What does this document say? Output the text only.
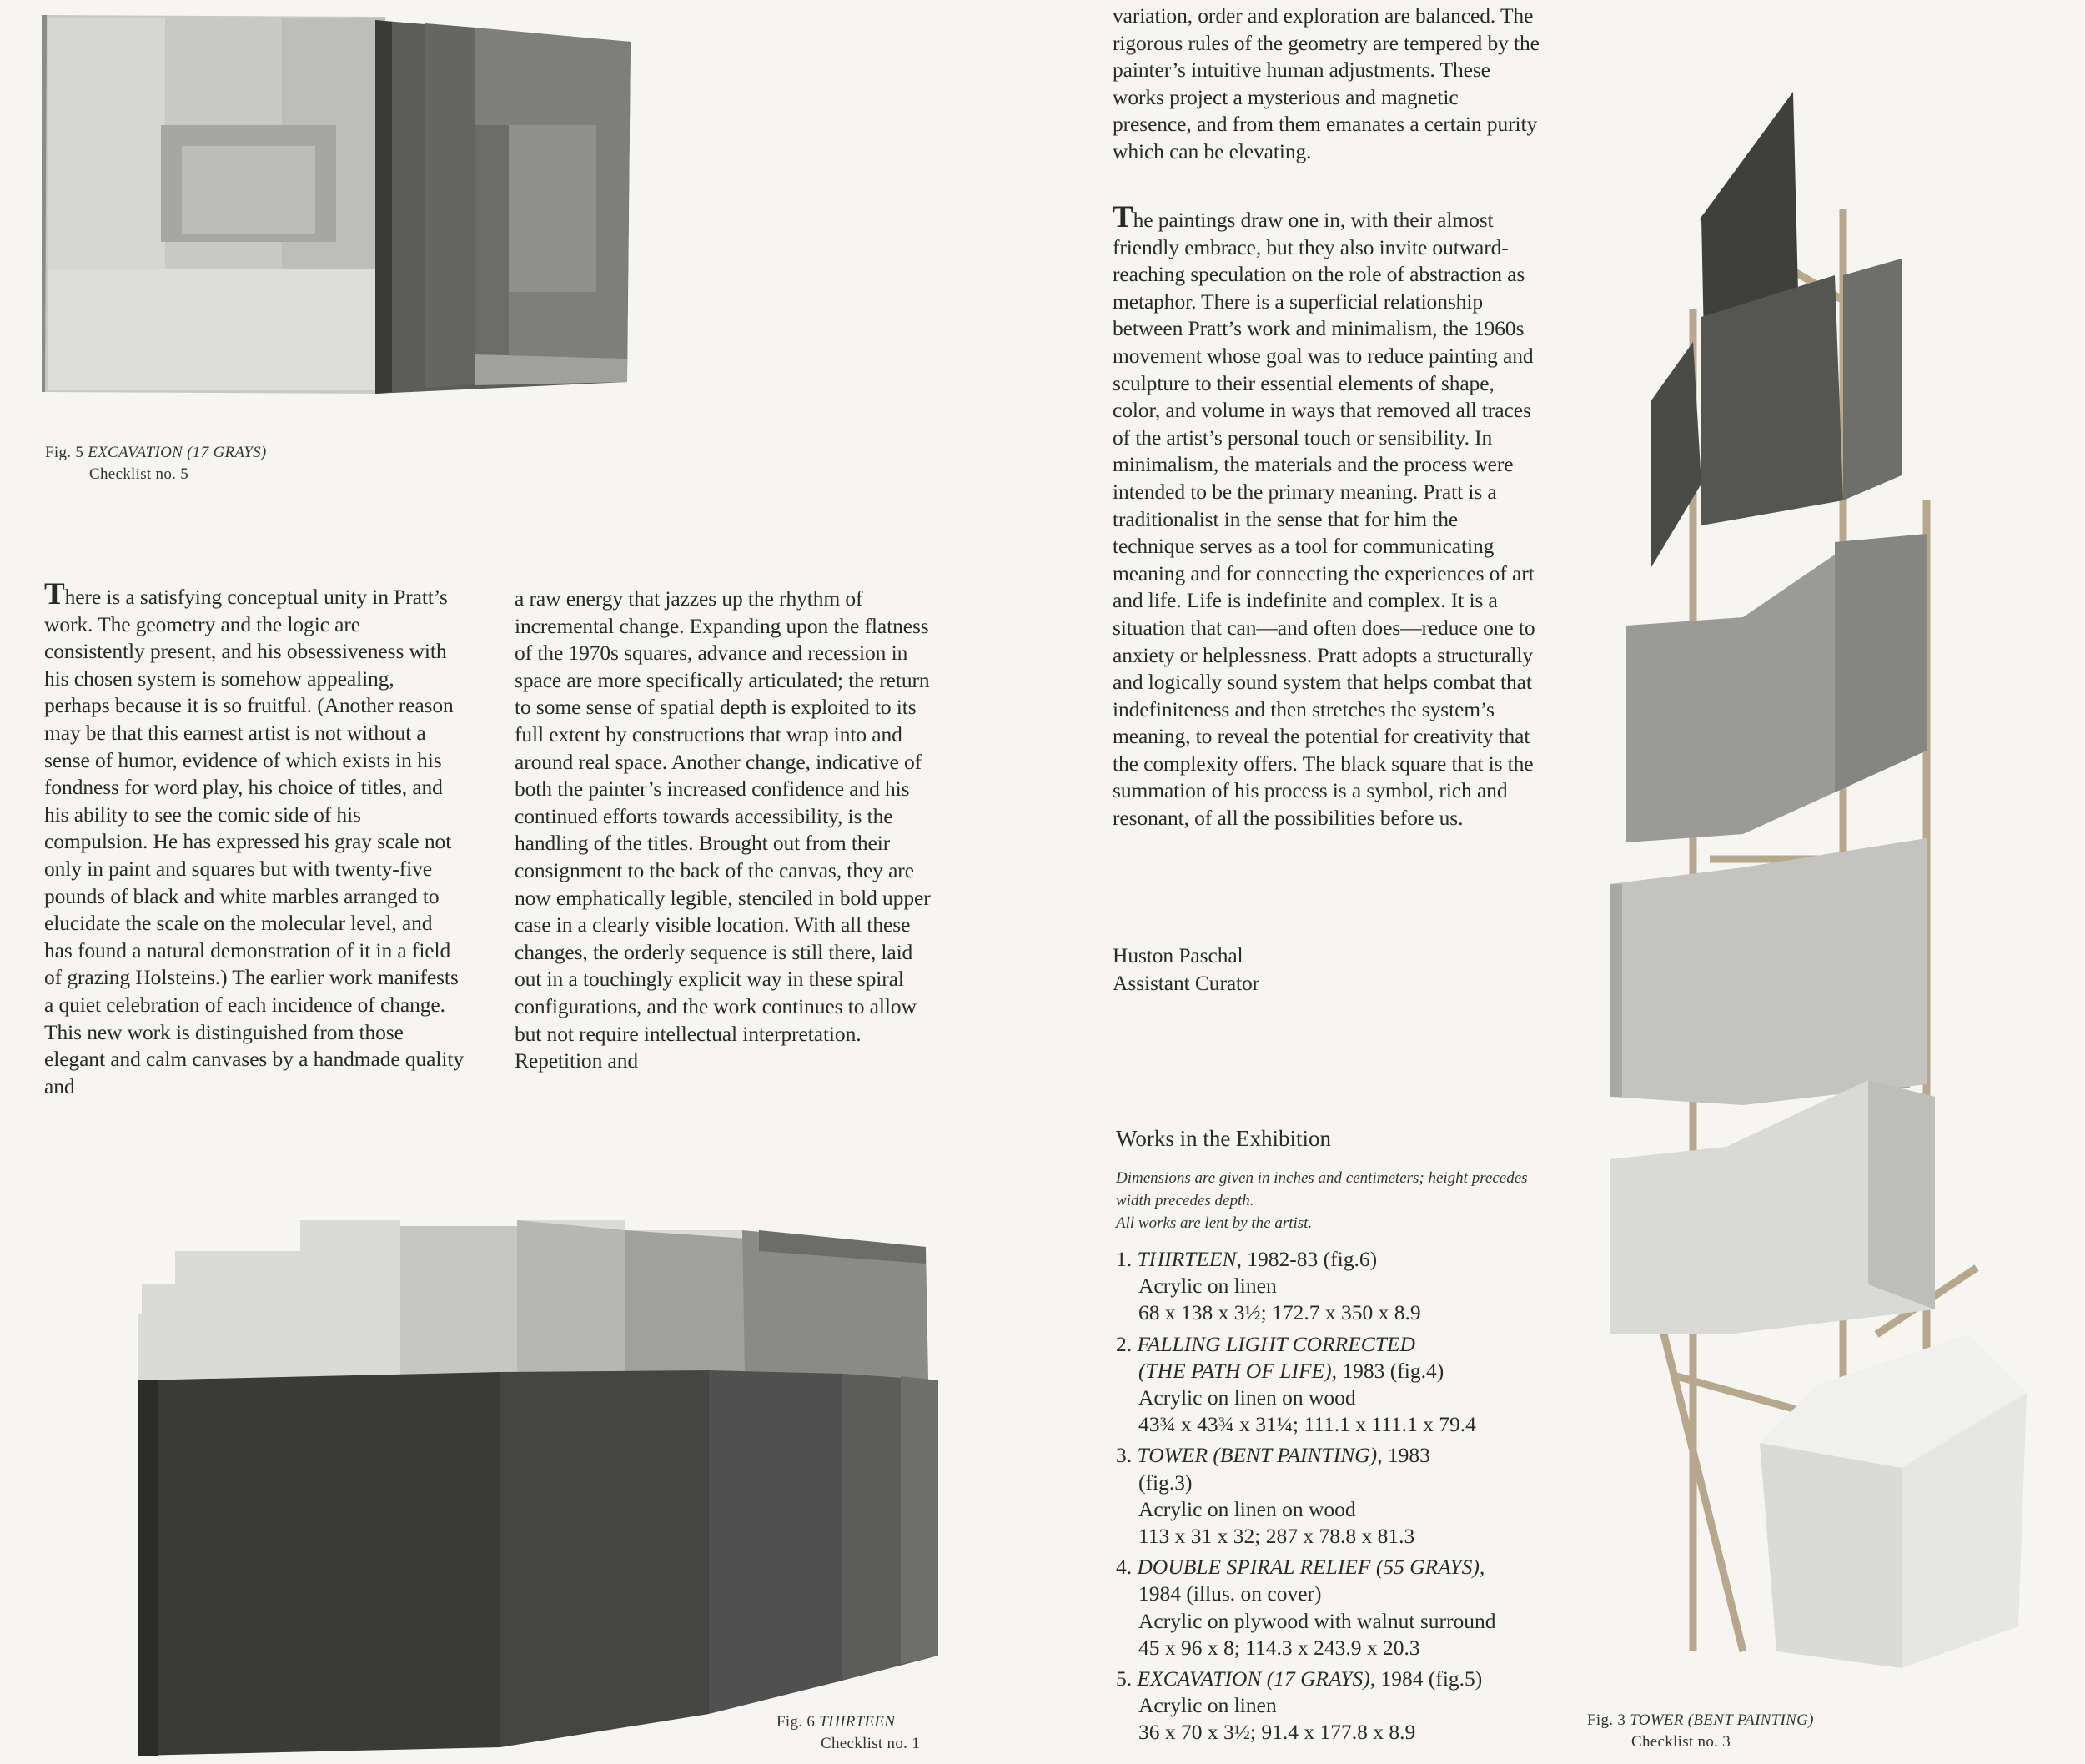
Fig. 5 EXCAVATION (17 GRAYS)
Checklist no. 5

There is a satisfying conceptual unity in Pratt’s work. The geometry and the logic are consistently present, and his obsessiveness with his chosen system is somehow appealing, perhaps because it is so fruitful. (Another reason may be that this earnest artist is not without a sense of humor, evidence of which exists in his fondness for word play, his choice of titles, and his ability to see the comic side of his compulsion. He has expressed his gray scale not only in paint and squares but with twenty-five pounds of black and white marbles arranged to elucidate the scale on the molecular level, and has found a natural demonstration of it in a field of grazing Holsteins.) The earlier work manifests a quiet celebration of each incidence of change. This new work is distinguished from those elegant and calm canvases by a handmade quality and

a raw energy that jazzes up the rhythm of incremental change. Expanding upon the flatness of the 1970s squares, advance and recession in space are more specifically articulated; the return to some sense of spatial depth is exploited to its full extent by constructions that wrap into and around real space. Another change, indicative of both the painter’s increased confidence and his continued efforts towards accessibility, is the handling of the titles. Brought out from their consignment to the back of the canvas, they are now emphatically legible, stenciled in bold upper case in a clearly visible location. With all these changes, the orderly sequence is still there, laid out in a touchingly explicit way in these spiral configurations, and the work continues to allow but not require intellectual interpretation. Repetition and

Fig. 6 THIRTEEN
Checklist no. 1

variation, order and exploration are balanced. The rigorous rules of the geometry are tempered by the painter’s intuitive human adjustments. These works project a mysterious and magnetic presence, and from them emanates a certain purity which can be elevating.

The paintings draw one in, with their almost friendly embrace, but they also invite outward-reaching speculation on the role of abstraction as metaphor. There is a superficial relationship between Pratt’s work and minimalism, the 1960s movement whose goal was to reduce painting and sculpture to their essential elements of shape, color, and volume in ways that removed all traces of the artist’s personal touch or sensibility. In minimalism, the materials and the process were intended to be the primary meaning. Pratt is a traditionalist in the sense that for him the technique serves as a tool for communicating meaning and for connecting the experiences of art and life. Life is indefinite and complex. It is a situation that can—and often does—reduce one to anxiety or helplessness. Pratt adopts a structurally and logically sound system that helps combat that indefiniteness and then stretches the system’s meaning, to reveal the potential for creativity that the complexity offers. The black square that is the summation of his process is a symbol, rich and resonant, of all the possibilities before us.

Huston Paschal
Assistant Curator
Works in the Exhibition
Dimensions are given in inches and centimeters; height precedes width precedes depth.
All works are lent by the artist.
1. THIRTEEN, 1982-83 (fig.6)
Acrylic on linen
68 x 138 x 3½; 172.7 x 350 x 8.9
2. FALLING LIGHT CORRECTED
(THE PATH OF LIFE), 1983 (fig.4)
Acrylic on linen on wood
43¾ x 43¾ x 31¼; 111.1 x 111.1 x 79.4
3. TOWER (BENT PAINTING), 1983
(fig.3)
Acrylic on linen on wood
113 x 31 x 32; 287 x 78.8 x 81.3
4. DOUBLE SPIRAL RELIEF (55 GRAYS),
1984 (illus. on cover)
Acrylic on plywood with walnut surround
45 x 96 x 8; 114.3 x 243.9 x 20.3
5. EXCAVATION (17 GRAYS), 1984 (fig.5)
Acrylic on linen
36 x 70 x 3½; 91.4 x 177.8 x 8.9	Fig. 3 TOWER (BENT PAINTING)
Checklist no. 3
